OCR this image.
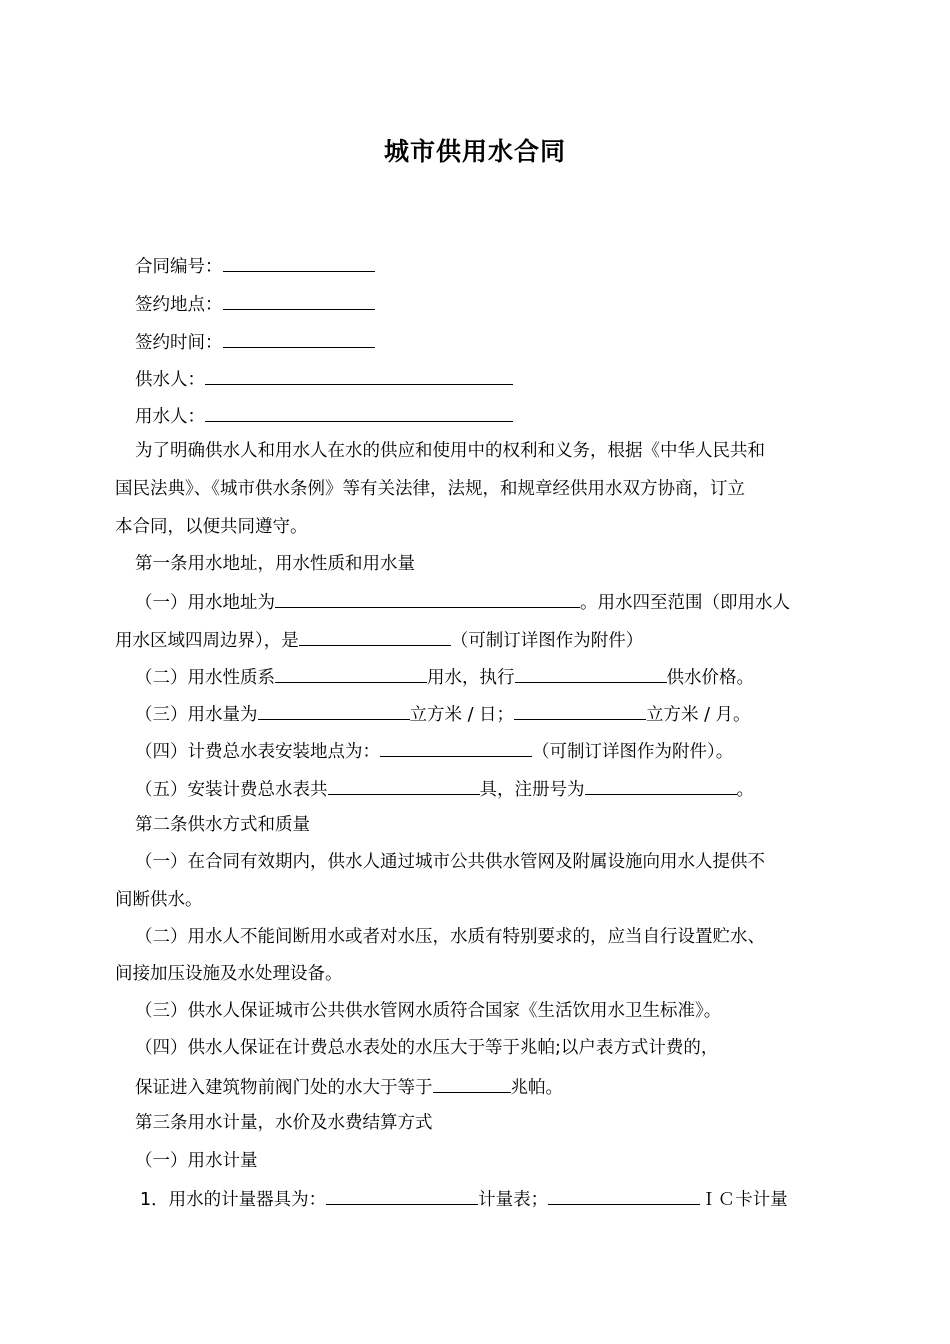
城市供用水合同
合同编号：
签约地点：
签约时间：
供水人：
用水人：
为了明确供水人和用水人在水的供应和使用中的权利和义务，根据《中华人民共和
国民法典》、《城市供水条例》等有关法律，法规，和规章经供用水双方协商，订立
本合同，以便共同遵守。
第一条用水地址，用水性质和用水量
（一）用水地址为	。用水四至范围（即用水人
用水区域四周边界），是	（可制订详图作为附件）
（二）用水性质系	用水，执行	供水价格。
（三）用水量为	立方米 / 日；	立方米 / 月。
（四）计费总水表安装地点为：	（可制订详图作为附件）。
（五）安装计费总水表共	具，注册号为	。
第二条供水方式和质量
（一）在合同有效期内，供水人通过城市公共供水管网及附属设施向用水人提供不
间断供水。
（二）用水人不能间断用水或者对水压，水质有特别要求的，应当自行设置贮水、
间接加压设施及水处理设备。
（三）供水人保证城市公共供水管网水质符合国家《生活饮用水卫生标准》。
（四）供水人保证在计费总水表处的水压大于等于兆帕;以户表方式计费的，
保证进入建筑物前阀门处的水大于等于	兆帕。
第三条用水计量，水价及水费结算方式
（一）用水计量
1．用水的计量器具为：	计量表；	ＩＣ卡计量
